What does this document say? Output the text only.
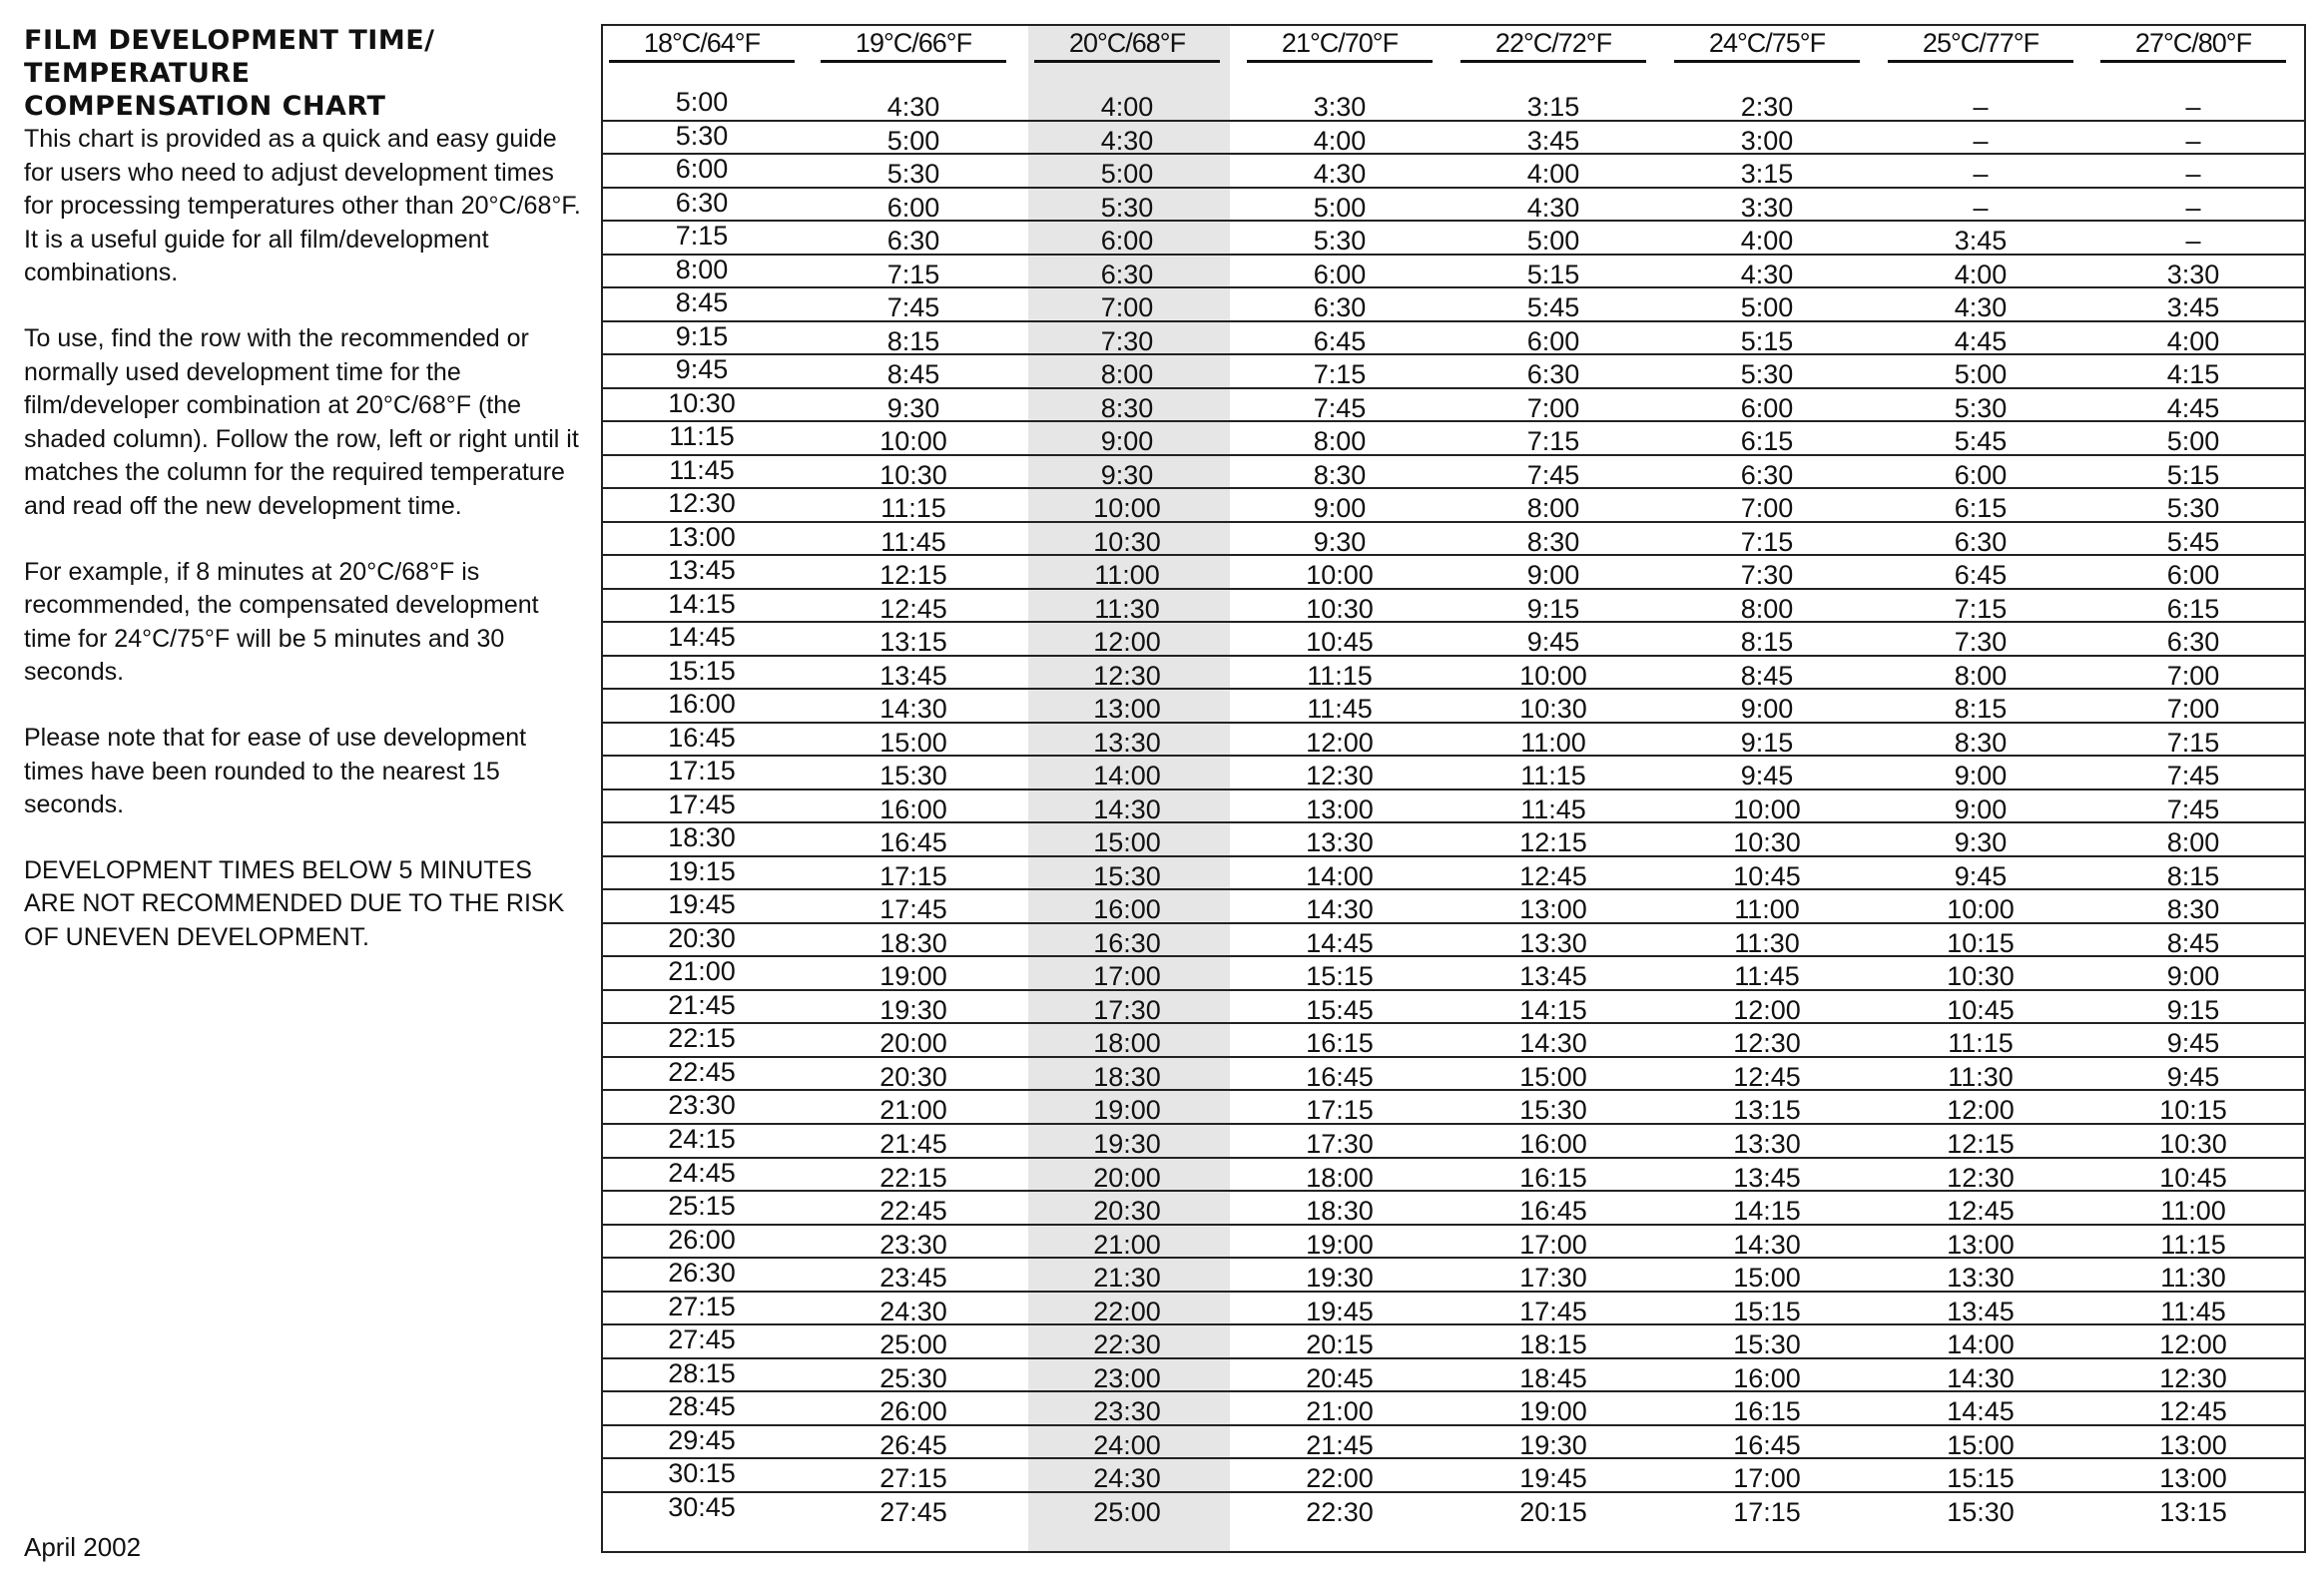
FILM DEVELOPMENT TIME/
TEMPERATURE
COMPENSATION CHART

This chart is provided as a quick and easy guide for users who need to adjust development times for processing temperatures other than 20°C/68°F. It is a useful guide for all film/development combinations.

To use, find the row with the recommended or normally used development time for the film/developer combination at 20°C/68°F (the shaded column). Follow the row, left or right until it matches the column for the required temperature and read off the new development time.

For example, if 8 minutes at 20°C/68°F is recommended, the compensated development time for 24°C/75°F will be 5 minutes and 30 seconds.

Please note that for ease of use development times have been rounded to the nearest 15 seconds.

DEVELOPMENT TIMES BELOW 5 MINUTES ARE NOT RECOMMENDED DUE TO THE RISK OF UNEVEN DEVELOPMENT.

April 2002
18°C/64°F	19°C/66°F	20°C/68°F	21°C/70°F	22°C/72°F	24°C/75°F	25°C/77°F	27°C/80°F
5:00	4:30	4:00	3:30	3:15	2:30	–	–
5:30	5:00	4:30	4:00	3:45	3:00	–	–
6:00	5:30	5:00	4:30	4:00	3:15	–	–
6:30	6:00	5:30	5:00	4:30	3:30	–	–
7:15	6:30	6:00	5:30	5:00	4:00	3:45	–
8:00	7:15	6:30	6:00	5:15	4:30	4:00	3:30
8:45	7:45	7:00	6:30	5:45	5:00	4:30	3:45
9:15	8:15	7:30	6:45	6:00	5:15	4:45	4:00
9:45	8:45	8:00	7:15	6:30	5:30	5:00	4:15
10:30	9:30	8:30	7:45	7:00	6:00	5:30	4:45
11:15	10:00	9:00	8:00	7:15	6:15	5:45	5:00
11:45	10:30	9:30	8:30	7:45	6:30	6:00	5:15
12:30	11:15	10:00	9:00	8:00	7:00	6:15	5:30
13:00	11:45	10:30	9:30	8:30	7:15	6:30	5:45
13:45	12:15	11:00	10:00	9:00	7:30	6:45	6:00
14:15	12:45	11:30	10:30	9:15	8:00	7:15	6:15
14:45	13:15	12:00	10:45	9:45	8:15	7:30	6:30
15:15	13:45	12:30	11:15	10:00	8:45	8:00	7:00
16:00	14:30	13:00	11:45	10:30	9:00	8:15	7:00
16:45	15:00	13:30	12:00	11:00	9:15	8:30	7:15
17:15	15:30	14:00	12:30	11:15	9:45	9:00	7:45
17:45	16:00	14:30	13:00	11:45	10:00	9:00	7:45
18:30	16:45	15:00	13:30	12:15	10:30	9:30	8:00
19:15	17:15	15:30	14:00	12:45	10:45	9:45	8:15
19:45	17:45	16:00	14:30	13:00	11:00	10:00	8:30
20:30	18:30	16:30	14:45	13:30	11:30	10:15	8:45
21:00	19:00	17:00	15:15	13:45	11:45	10:30	9:00
21:45	19:30	17:30	15:45	14:15	12:00	10:45	9:15
22:15	20:00	18:00	16:15	14:30	12:30	11:15	9:45
22:45	20:30	18:30	16:45	15:00	12:45	11:30	9:45
23:30	21:00	19:00	17:15	15:30	13:15	12:00	10:15
24:15	21:45	19:30	17:30	16:00	13:30	12:15	10:30
24:45	22:15	20:00	18:00	16:15	13:45	12:30	10:45
25:15	22:45	20:30	18:30	16:45	14:15	12:45	11:00
26:00	23:30	21:00	19:00	17:00	14:30	13:00	11:15
26:30	23:45	21:30	19:30	17:30	15:00	13:30	11:30
27:15	24:30	22:00	19:45	17:45	15:15	13:45	11:45
27:45	25:00	22:30	20:15	18:15	15:30	14:00	12:00
28:15	25:30	23:00	20:45	18:45	16:00	14:30	12:30
28:45	26:00	23:30	21:00	19:00	16:15	14:45	12:45
29:45	26:45	24:00	21:45	19:30	16:45	15:00	13:00
30:15	27:15	24:30	22:00	19:45	17:00	15:15	13:00
30:45	27:45	25:00	22:30	20:15	17:15	15:30	13:15
